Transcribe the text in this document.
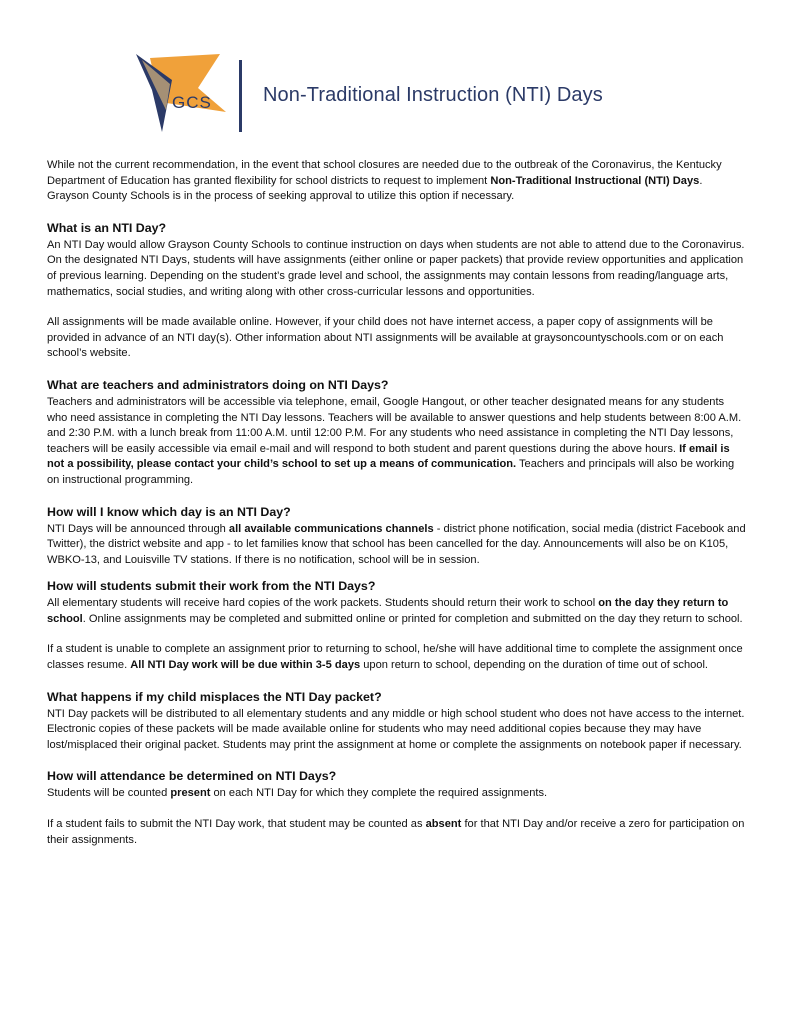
GCS	Non-Traditional Instruction (NTI) Days

While not the current recommendation, in the event that school closures are needed due to the outbreak of the Coronavirus, the Kentucky Department of Education has granted flexibility for school districts to request to implement Non-Traditional Instructional (NTI) Days. Grayson County Schools is in the process of seeking approval to utilize this option if necessary.

What is an NTI Day?

An NTI Day would allow Grayson County Schools to continue instruction on days when students are not able to attend due to the Coronavirus. On the designated NTI Days, students will have assignments (either online or paper packets) that provide review opportunities and application of previous learning. Depending on the student’s grade level and school, the assignments may contain lessons from reading/language arts, mathematics, social studies, and writing along with other cross-curricular lessons and opportunities.

All assignments will be made available online. However, if your child does not have internet access, a paper copy of assignments will be provided in advance of an NTI day(s). Other information about NTI assignments will be available at graysoncountyschools.com or on each school’s website.

What are teachers and administrators doing on NTI Days?

Teachers and administrators will be accessible via telephone, email, Google Hangout, or other teacher designated means for any students who need assistance in completing the NTI Day lessons. Teachers will be available to answer questions and help students between 8:00 A.M. and 2:30 P.M. with a lunch break from 11:00 A.M. until 12:00 P.M. For any students who need assistance in completing the NTI Day lessons, teachers will be easily accessible via email e-mail and will respond to both student and parent questions during the above hours. If email is not a possibility, please contact your child’s school to set up a means of communication. Teachers and principals will also be working on instructional programming.

How will I know which day is an NTI Day?

NTI Days will be announced through all available communications channels - district phone notification, social media (district Facebook and Twitter), the district website and app - to let families know that school has been cancelled for the day. Announcements will also be on K105, WBKO-13, and Louisville TV stations. If there is no notification, school will be in session.

How will students submit their work from the NTI Days?

All elementary students will receive hard copies of the work packets. Students should return their work to school on the day they return to school. Online assignments may be completed and submitted online or printed for completion and submitted on the day they return to school.

If a student is unable to complete an assignment prior to returning to school, he/she will have additional time to complete the assignment once classes resume. All NTI Day work will be due within 3-5 days upon return to school, depending on the duration of time out of school.

What happens if my child misplaces the NTI Day packet?

NTI Day packets will be distributed to all elementary students and any middle or high school student who does not have access to the internet. Electronic copies of these packets will be made available online for students who may need additional copies because they may have lost/misplaced their original packet. Students may print the assignment at home or complete the assignments on notebook paper if necessary.

How will attendance be determined on NTI Days?

Students will be counted present on each NTI Day for which they complete the required assignments.

If a student fails to submit the NTI Day work, that student may be counted as absent for that NTI Day and/or receive a zero for participation on their assignments.
